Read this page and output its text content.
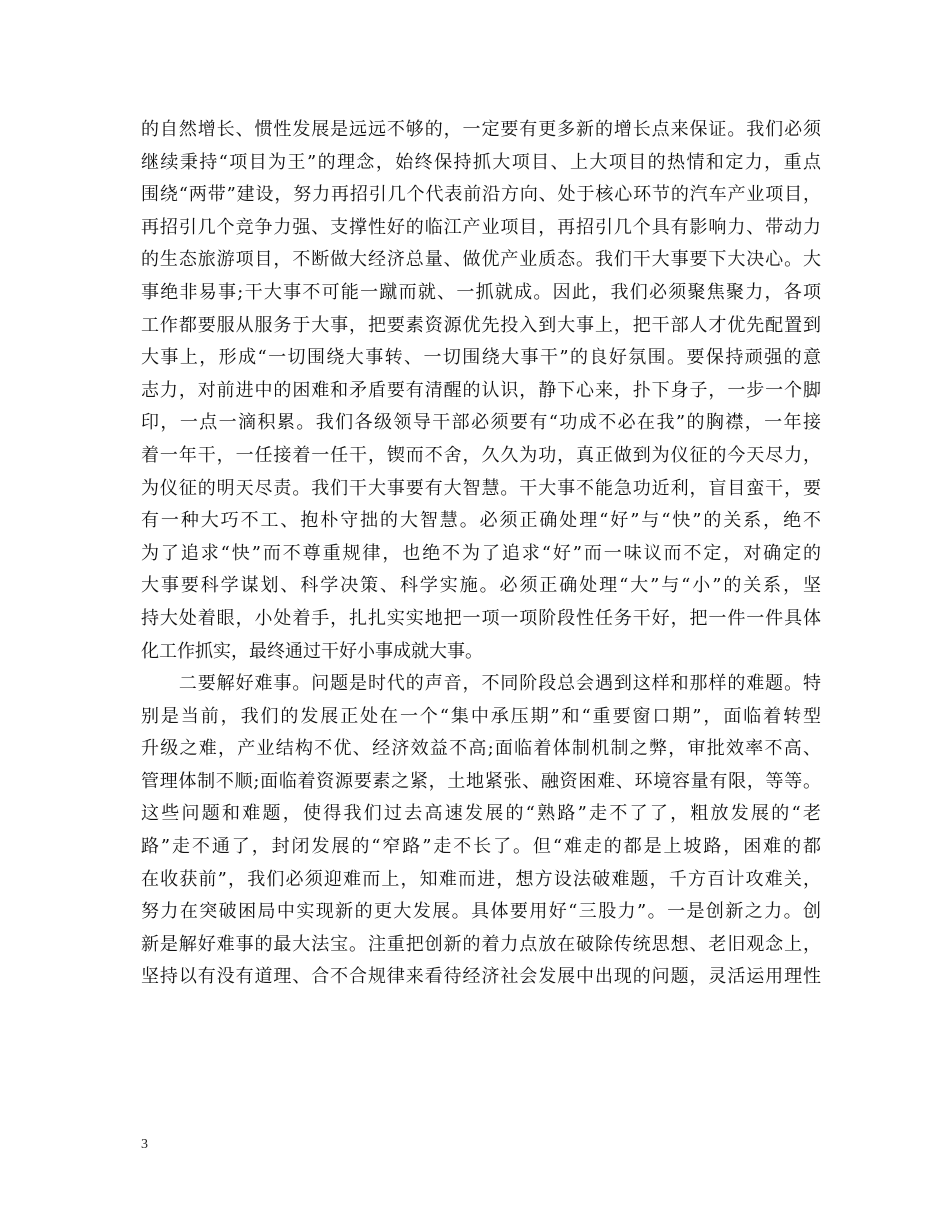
的自然增长、惯性发展是远远不够的，一定要有更多新的增长点来保证。我们必须
继续秉持“项目为王”的理念，始终保持抓大项目、上大项目的热情和定力，重点
围绕“两带”建设，努力再招引几个代表前沿方向、处于核心环节的汽车产业项目，
再招引几个竞争力强、支撑性好的临江产业项目，再招引几个具有影响力、带动力
的生态旅游项目，不断做大经济总量、做优产业质态。我们干大事要下大决心。大
事绝非易事;干大事不可能一蹴而就、一抓就成。因此，我们必须聚焦聚力，各项
工作都要服从服务于大事，把要素资源优先投入到大事上，把干部人才优先配置到
大事上，形成“一切围绕大事转、一切围绕大事干”的良好氛围。要保持顽强的意
志力，对前进中的困难和矛盾要有清醒的认识，静下心来，扑下身子，一步一个脚
印，一点一滴积累。我们各级领导干部必须要有“功成不必在我”的胸襟，一年接
着一年干，一任接着一任干，锲而不舍，久久为功，真正做到为仪征的今天尽力，
为仪征的明天尽责。我们干大事要有大智慧。干大事不能急功近利，盲目蛮干，要
有一种大巧不工、抱朴守拙的大智慧。必须正确处理“好”与“快”的关系，绝不
为了追求“快”而不尊重规律，也绝不为了追求“好”而一味议而不定，对确定的
大事要科学谋划、科学决策、科学实施。必须正确处理“大”与“小”的关系，坚
持大处着眼，小处着手，扎扎实实地把一项一项阶段性任务干好，把一件一件具体
化工作抓实，最终通过干好小事成就大事。
　　二要解好难事。问题是时代的声音，不同阶段总会遇到这样和那样的难题。特
别是当前，我们的发展正处在一个“集中承压期”和“重要窗口期”，面临着转型
升级之难，产业结构不优、经济效益不高;面临着体制机制之弊，审批效率不高、
管理体制不顺;面临着资源要素之紧，土地紧张、融资困难、环境容量有限，等等。
这些问题和难题，使得我们过去高速发展的“熟路”走不了了，粗放发展的“老
路”走不通了，封闭发展的“窄路”走不长了。但“难走的都是上坡路，困难的都
在收获前”，我们必须迎难而上，知难而进，想方设法破难题，千方百计攻难关，
努力在突破困局中实现新的更大发展。具体要用好“三股力”。一是创新之力。创
新是解好难事的最大法宝。注重把创新的着力点放在破除传统思想、老旧观念上，
坚持以有没有道理、合不合规律来看待经济社会发展中出现的问题，灵活运用理性
3
